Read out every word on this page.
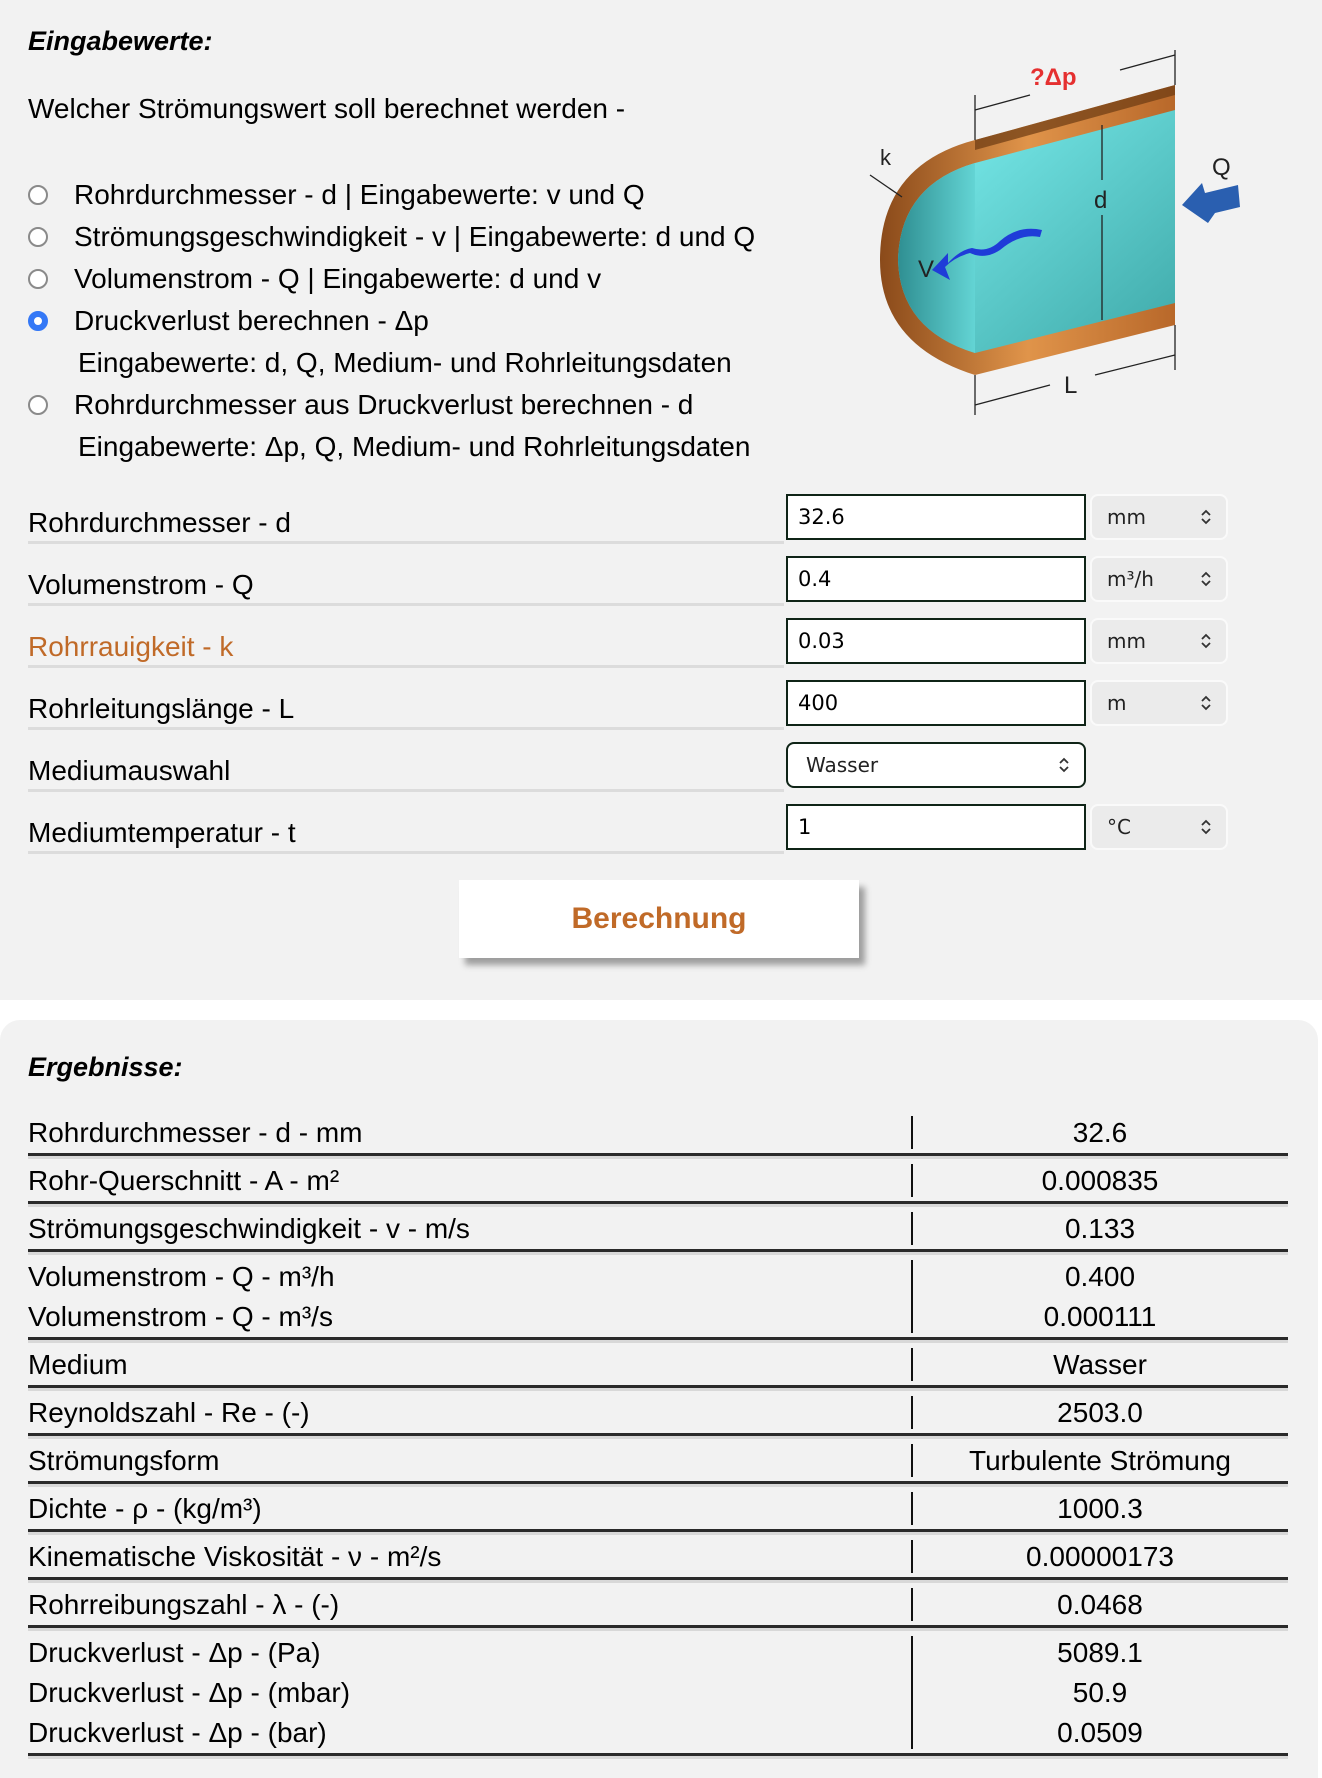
Eingabewerte:
Welcher Strömungswert soll berechnet werden -
Rohrdurchmesser - d | Eingabewerte: v und Q
Strömungsgeschwindigkeit - v | Eingabewerte: d und Q
Volumenstrom - Q | Eingabewerte: d und v
Druckverlust berechnen - Δp
Eingabewerte: d, Q, Medium- und Rohrleitungsdaten
Rohrdurchmesser aus Druckverlust berechnen - d
Eingabewerte: Δp, Q, Medium- und Rohrleitungsdaten
?Δp
k	Q
d
V
L
Rohrdurchmesser - d	32.6	mm
Volumenstrom - Q	0.4	m³/h
Rohrrauigkeit - k	0.03	mm
Rohrleitungslänge - L	400	m
Mediumauswahl	Wasser
Mediumtemperatur - t	1	°C
Berechnung
Ergebnisse:
Rohrdurchmesser - d - mm	32.6
Rohr-Querschnitt - A - m²	0.000835
Strömungsgeschwindigkeit - v - m/s	0.133
Volumenstrom - Q - m³/h	0.400
Volumenstrom - Q - m³/s	0.000111
Medium	Wasser
Reynoldszahl - Re - (-)	2503.0
Strömungsform	Turbulente Strömung
Dichte - ρ - (kg/m³)	1000.3
Kinematische Viskosität - ν - m²/s	0.00000173
Rohrreibungszahl - λ - (-)	0.0468
Druckverlust - Δp - (Pa)	5089.1
Druckverlust - Δp - (mbar)	50.9
Druckverlust - Δp - (bar)	0.0509
